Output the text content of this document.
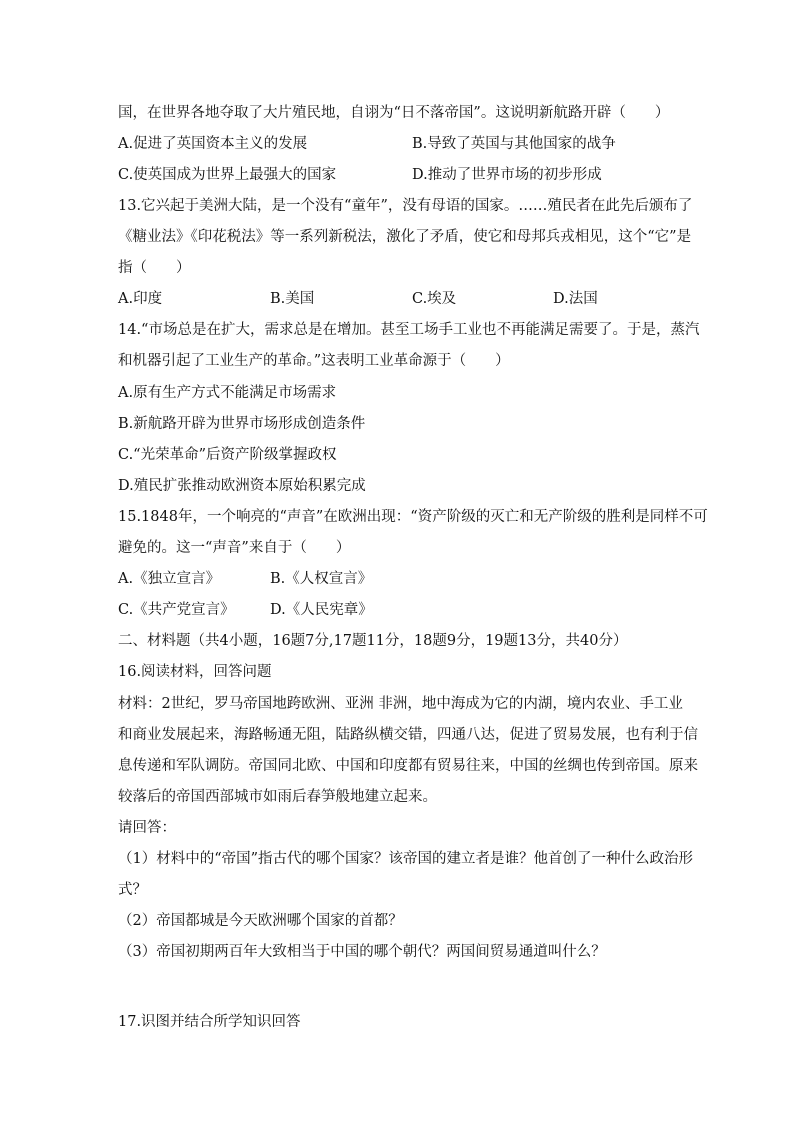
国，在世界各地夺取了大片殖民地，自诩为“日不落帝国”。这说明新航路开辟（　　）
A.促进了英国资本主义的发展	B.导致了英国与其他国家的战争
C.使英国成为世界上最强大的国家	D.推动了世界市场的初步形成
13.它兴起于美洲大陆，是一个没有“童年”，没有母语的国家。……殖民者在此先后颁布了
《糖业法》《印花税法》等一系列新税法，激化了矛盾，使它和母邦兵戎相见，这个“它”是
指（　　）
A.印度	B.美国	C.埃及	D.法国
14.“市场总是在扩大，需求总是在增加。甚至工场手工业也不再能满足需要了。于是，蒸汽
和机器引起了工业生产的革命。”这表明工业革命源于（　　）
A.原有生产方式不能满足市场需求
B.新航路开辟为世界市场形成创造条件
C.“光荣革命”后资产阶级掌握政权
D.殖民扩张推动欧洲资本原始积累完成
15.1848年，一个响亮的“声音”在欧洲出现：“资产阶级的灭亡和无产阶级的胜利是同样不可
避免的。这一“声音”来自于（　　）
A.《独立宣言》	B.《人权宣言》
C.《共产党宣言》 D.《人民宪章》
二、材料题（共4小题，16题7分,17题11分，18题9分，19题13分，共40分）
16.阅读材料，回答问题
材料：2世纪，罗马帝国地跨欧洲、亚洲 非洲，地中海成为它的内湖，境内农业、手工业
和商业发展起来，海路畅通无阻，陆路纵横交错，四通八达，促进了贸易发展，也有利于信
息传递和军队调防。帝国同北欧、中国和印度都有贸易往来，中国的丝绸也传到帝国。原来
较落后的帝国西部城市如雨后春笋般地建立起来。
请回答：
（1）材料中的“帝国”指古代的哪个国家？该帝国的建立者是谁？他首创了一种什么政治形
式？
（2）帝国都城是今天欧洲哪个国家的首都？
（3）帝国初期两百年大致相当于中国的哪个朝代？两国间贸易通道叫什么？
17.识图并结合所学知识回答
